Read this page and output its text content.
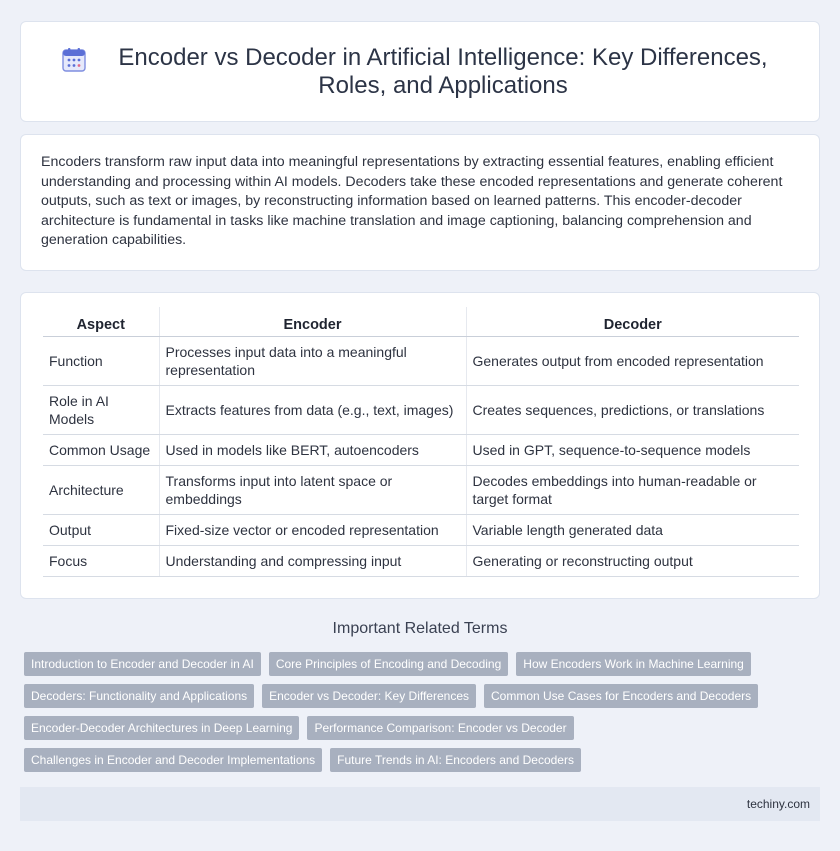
Encoder vs Decoder in Artificial Intelligence: Key Differences, Roles, and Applications

Encoders transform raw input data into meaningful representations by extracting essential features, enabling efficient understanding and processing within AI models. Decoders take these encoded representations and generate coherent outputs, such as text or images, by reconstructing information based on learned patterns. This encoder-decoder architecture is fundamental in tasks like machine translation and image captioning, balancing comprehension and generation capabilities.

Aspect	Encoder	Decoder
Function	Processes input data into a meaningful representation	Generates output from encoded representation
Role in AI Models	Extracts features from data (e.g., text, images)	Creates sequences, predictions, or translations
Common Usage	Used in models like BERT, autoencoders	Used in GPT, sequence-to-sequence models
Architecture	Transforms input into latent space or embeddings	Decodes embeddings into human-readable or target format
Output	Fixed-size vector or encoded representation	Variable length generated data
Focus	Understanding and compressing input	Generating or reconstructing output
Important Related Terms
Introduction to Encoder and Decoder in AI	Core Principles of Encoding and Decoding	How Encoders Work in Machine Learning
Decoders: Functionality and Applications	Encoder vs Decoder: Key Differences	Common Use Cases for Encoders and Decoders
Encoder-Decoder Architectures in Deep Learning	Performance Comparison: Encoder vs Decoder
Challenges in Encoder and Decoder Implementations	Future Trends in AI: Encoders and Decoders
techiny.com
